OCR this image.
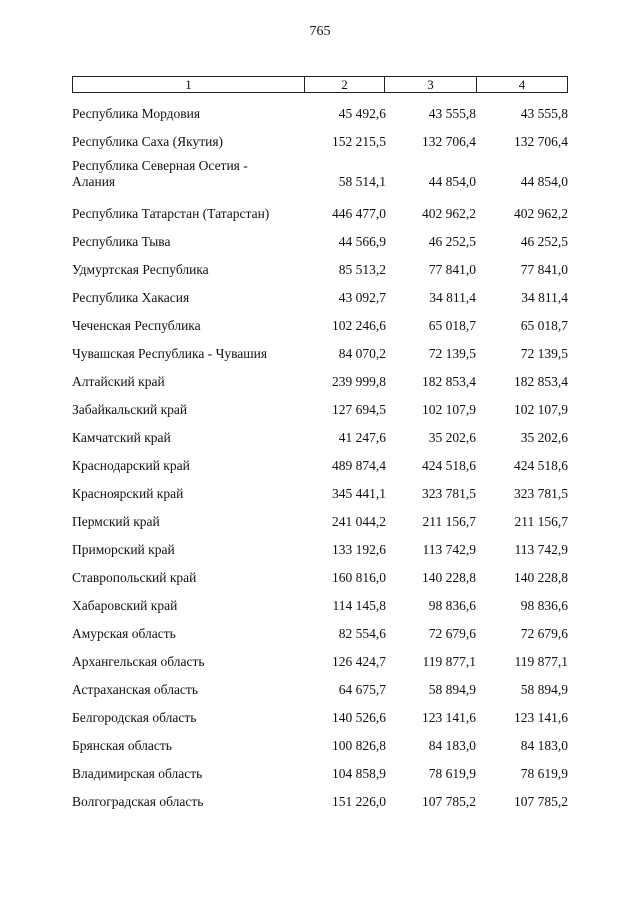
765
1	2	3	4
Республика Мордовия	45 492,6	43 555,8	43 555,8
Республика Саха (Якутия)	152 215,5	132 706,4	132 706,4
Республика Северная Осетия - Алания	58 514,1	44 854,0	44 854,0
Республика Татарстан (Татарстан)	446 477,0	402 962,2	402 962,2
Республика Тыва	44 566,9	46 252,5	46 252,5
Удмуртская Республика	85 513,2	77 841,0	77 841,0
Республика Хакасия	43 092,7	34 811,4	34 811,4
Чеченская Республика	102 246,6	65 018,7	65 018,7
Чувашская Республика - Чувашия	84 070,2	72 139,5	72 139,5
Алтайский край	239 999,8	182 853,4	182 853,4
Забайкальский край	127 694,5	102 107,9	102 107,9
Камчатский край	41 247,6	35 202,6	35 202,6
Краснодарский край	489 874,4	424 518,6	424 518,6
Красноярский край	345 441,1	323 781,5	323 781,5
Пермский край	241 044,2	211 156,7	211 156,7
Приморский край	133 192,6	113 742,9	113 742,9
Ставропольский край	160 816,0	140 228,8	140 228,8
Хабаровский край	114 145,8	98 836,6	98 836,6
Амурская область	82 554,6	72 679,6	72 679,6
Архангельская область	126 424,7	119 877,1	119 877,1
Астраханская область	64 675,7	58 894,9	58 894,9
Белгородская область	140 526,6	123 141,6	123 141,6
Брянская область	100 826,8	84 183,0	84 183,0
Владимирская область	104 858,9	78 619,9	78 619,9
Волгоградская область	151 226,0	107 785,2	107 785,2
